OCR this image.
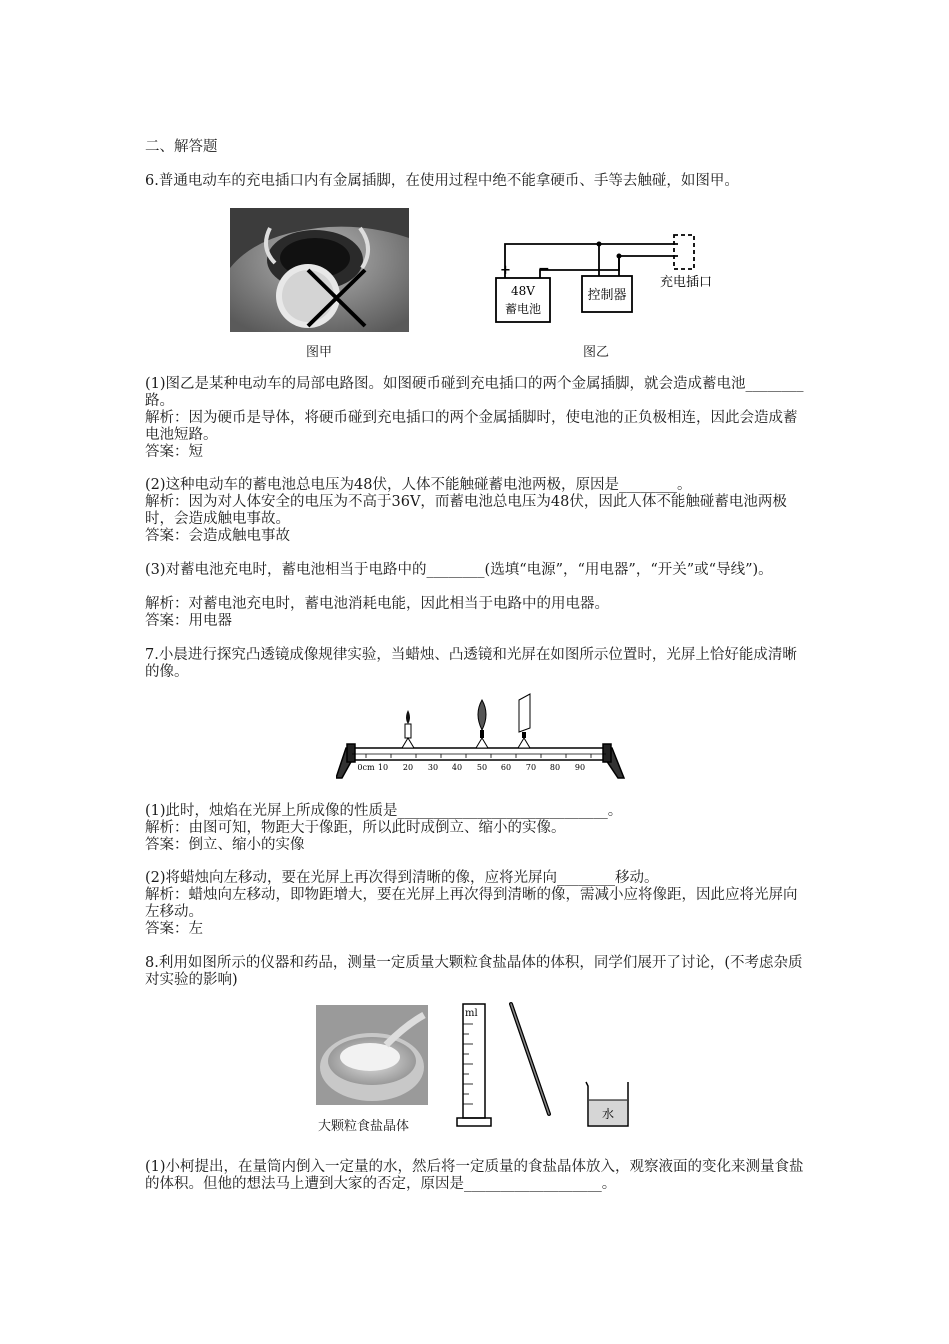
二、解答题
6.普通电动车的充电插口内有金属插脚，在使用过程中绝不能拿硬币、手等去触碰，如图甲。
图甲
+ −
48V
蓄电池
控制器
充电插口
图乙
(1)图乙是某种电动车的局部电路图。如图硬币碰到充电插口的两个金属插脚，就会造成蓄电池________路。
解析：因为硬币是导体，将硬币碰到充电插口的两个金属插脚时，使电池的正负极相连，因此会造成蓄电池短路。
答案：短
(2)这种电动车的蓄电池总电压为48伏，人体不能触碰蓄电池两极，原因是________。
解析：因为对人体安全的电压为不高于36V，而蓄电池总电压为48伏，因此人体不能触碰蓄电池两极时，会造成触电事故。
答案：会造成触电事故
(3)对蓄电池充电时，蓄电池相当于电路中的________(选填“电源”，“用电器”，“开关”或“导线”)。
解析：对蓄电池充电时，蓄电池消耗电能，因此相当于电路中的用电器。
答案：用电器
7.小晨进行探究凸透镜成像规律实验，当蜡烛、凸透镜和光屏在如图所示位置时，光屏上恰好能成清晰的像。
0cm 10 20 30 40 50 60 70 80 90
(1)此时，烛焰在光屏上所成像的性质是_____________________________。
解析：由图可知，物距大于像距，所以此时成倒立、缩小的实像。
答案：倒立、缩小的实像
(2)将蜡烛向左移动，要在光屏上再次得到清晰的像，应将光屏向________移动。
解析：蜡烛向左移动，即物距增大，要在光屏上再次得到清晰的像，需减小应将像距，因此应将光屏向左移动。
答案：左
8.利用如图所示的仪器和药品，测量一定质量大颗粒食盐晶体的体积，同学们展开了讨论，(不考虑杂质对实验的影响)
大颗粒食盐晶体
ml
水
(1)小柯提出，在量筒内倒入一定量的水，然后将一定质量的食盐晶体放入，观察液面的变化来测量食盐的体积。但他的想法马上遭到大家的否定，原因是___________________。
